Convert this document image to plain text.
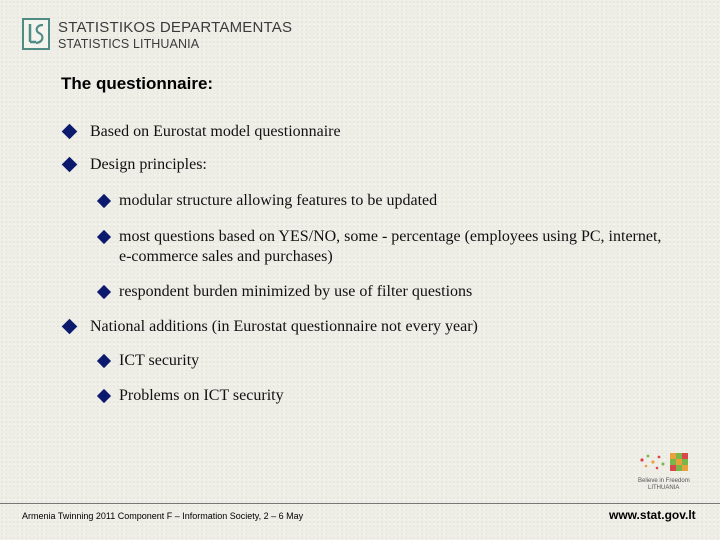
STATISTIKOS DEPARTAMENTAS
STATISTICS LITHUANIA
The questionnaire:
Based on Eurostat model questionnaire
Design principles:
modular structure allowing features to be updated
most questions based on YES/NO, some - percentage (employees using PC, internet, e-commerce sales and purchases)
respondent burden minimized by use of filter questions
National additions (in Eurostat questionnaire not every year)
ICT security
Problems on ICT security
Believe in Freedom
LITHUANIA
Armenia Twinning 2011 Component F – Information Society, 2 – 6 May	www.stat.gov.lt
